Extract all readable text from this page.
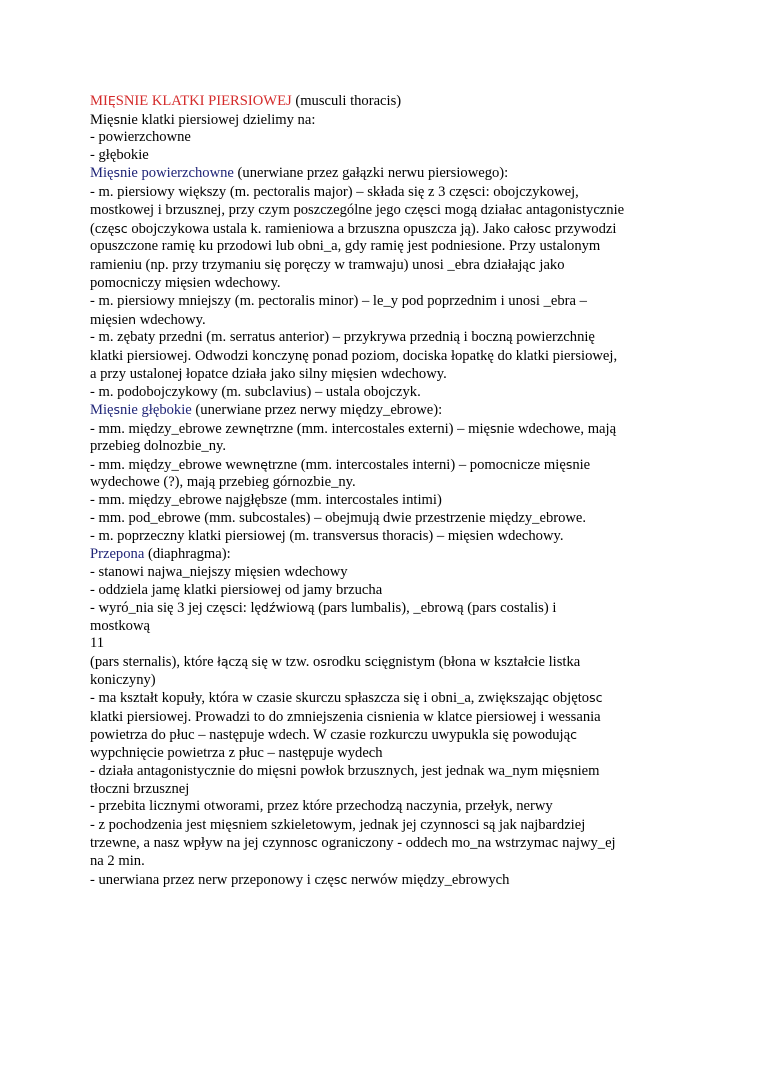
MIĘSNIE KLATKI PIERSIOWEJ (musculi thoracis)
Mięsnie klatki piersiowej dzielimy na:
- powierzchowne
- głębokie
Mięsnie powierzchowne (unerwiane przez gałązki nerwu piersiowego):
- m. piersiowy większy (m. pectoralis major) – składa się z 3 częsci: obojczykowej,
mostkowej i brzusznej, przy czym poszczególne jego częsci mogą działac antagonistycznie
(częsc obojczykowa ustala k. ramieniowa a brzuszna opuszcza ją). Jako całosc przywodzi
opuszczone ramię ku przodowi lub obni_a, gdy ramię jest podniesione. Przy ustalonym
ramieniu (np. przy trzymaniu się poręczy w tramwaju) unosi _ebra działając jako
pomocniczy mięsien wdechowy.
- m. piersiowy mniejszy (m. pectoralis minor) – le_y pod poprzednim i unosi _ebra –
mięsien wdechowy.
- m. zębaty przedni (m. serratus anterior) – przykrywa przednią i boczną powierzchnię
klatki piersiowej. Odwodzi konczynę ponad poziom, dociska łopatkę do klatki piersiowej,
a przy ustalonej łopatce działa jako silny mięsien wdechowy.
- m. podobojczykowy (m. subclavius) – ustala obojczyk.
Mięsnie głębokie (unerwiane przez nerwy między_ebrowe):
- mm. między_ebrowe zewnętrzne (mm. intercostales externi) – mięsnie wdechowe, mają
przebieg dolnozbie_ny.
- mm. między_ebrowe wewnętrzne (mm. intercostales interni) – pomocnicze mięsnie
wydechowe (?), mają przebieg górnozbie_ny.
- mm. między_ebrowe najgłębsze (mm. intercostales intimi)
- mm. pod_ebrowe (mm. subcostales) – obejmują dwie przestrzenie między_ebrowe.
- m. poprzeczny klatki piersiowej (m. transversus thoracis) – mięsien wdechowy.
Przepona (diaphragma):
- stanowi najwa_niejszy mięsien wdechowy
- oddziela jamę klatki piersiowej od jamy brzucha
- wyró_nia się 3 jej częsci: lędźwiową (pars lumbalis), _ebrową (pars costalis) i
mostkową
11
(pars sternalis), które łączą się w tzw. osrodku scięgnistym (błona w kształcie listka
koniczyny)
- ma kształt kopuły, która w czasie skurczu spłaszcza się i obni_a, zwiększając objętosc
klatki piersiowej. Prowadzi to do zmniejszenia cisnienia w klatce piersiowej i wessania
powietrza do płuc – następuje wdech. W czasie rozkurczu uwypukla się powodując
wypchnięcie powietrza z płuc – następuje wydech
- działa antagonistycznie do mięsni powłok brzusznych, jest jednak wa_nym mięsniem
tłoczni brzusznej
- przebita licznymi otworami, przez które przechodzą naczynia, przełyk, nerwy
- z pochodzenia jest mięsniem szkieletowym, jednak jej czynnosci są jak najbardziej
trzewne, a nasz wpływ na jej czynnosc ograniczony - oddech mo_na wstrzymac najwy_ej
na 2 min.
- unerwiana przez nerw przeponowy i częsc nerwów między_ebrowych
